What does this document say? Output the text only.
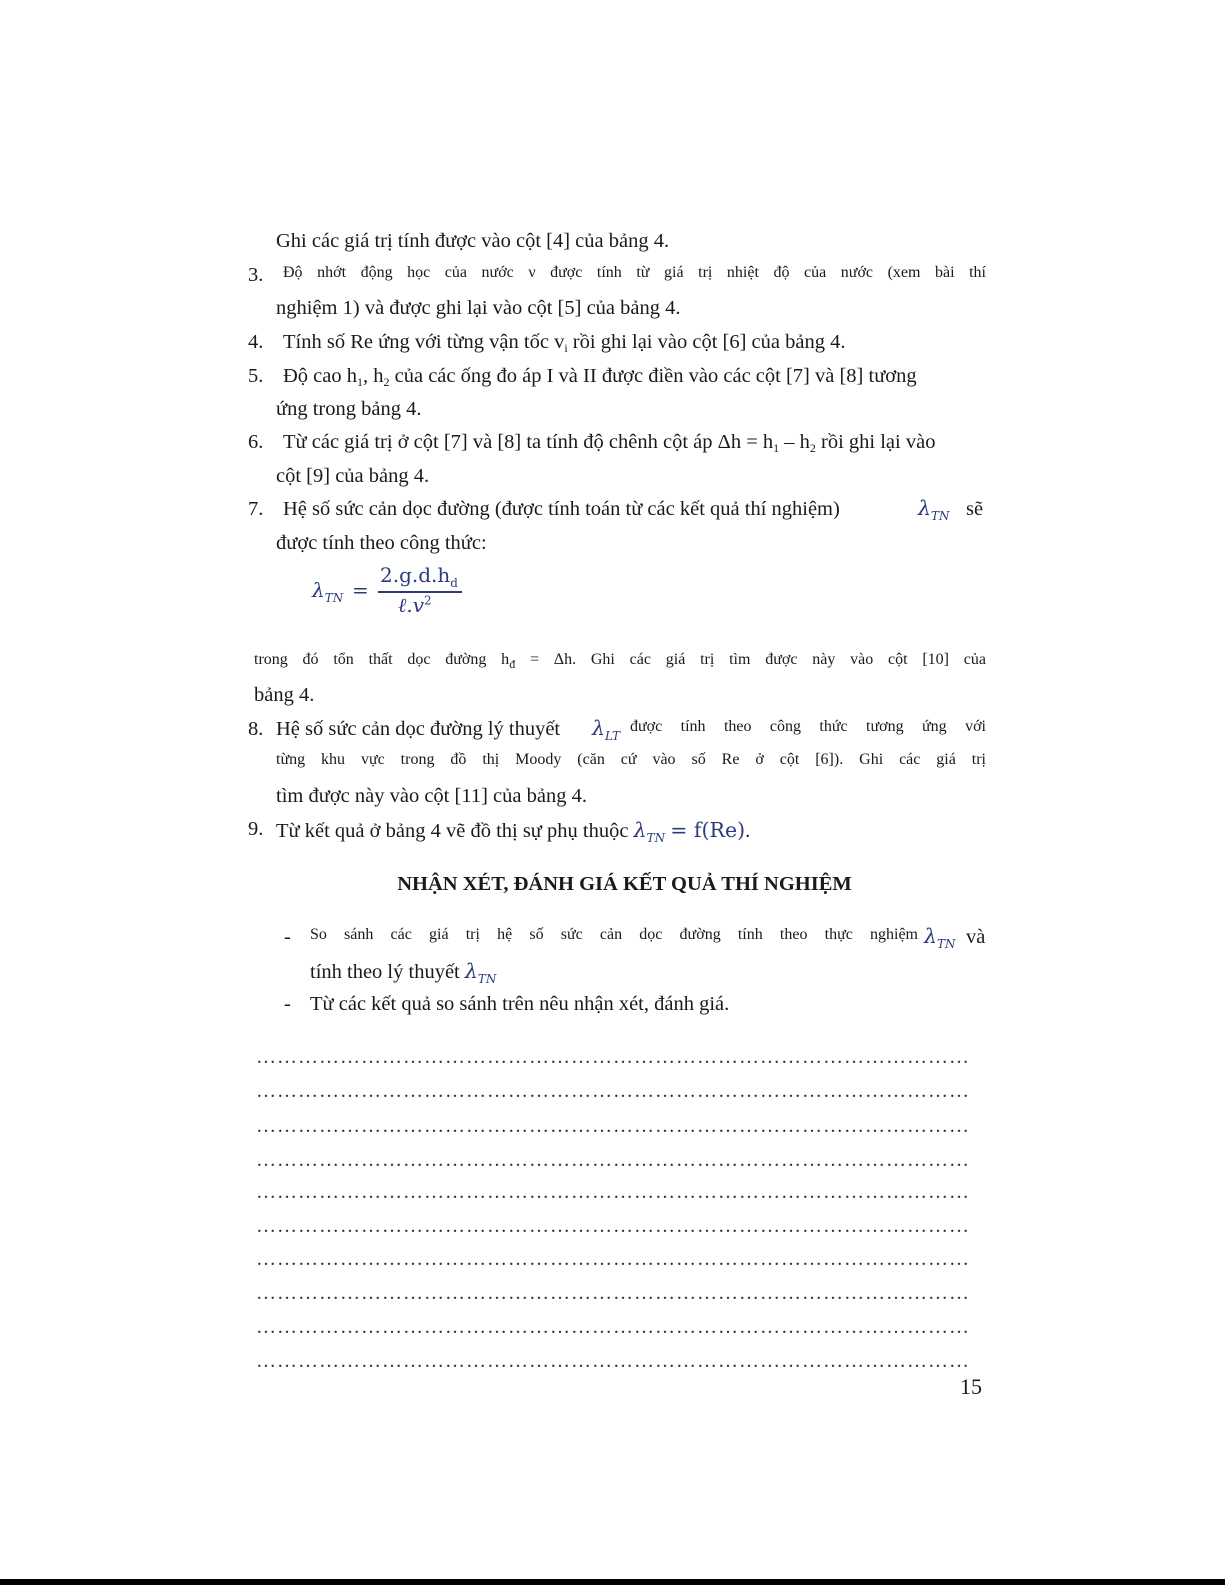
Ghi các giá trị tính được vào cột [4] của bảng 4.
3. Độ nhớt động học của nước ν được tính từ giá trị nhiệt độ của nước (xem bài thí
nghiệm 1) và được ghi lại vào cột [5] của bảng 4.
4. Tính số Re ứng với từng vận tốc vi rồi ghi lại vào cột [6] của bảng 4.
5. Độ cao h1, h2 của các ống đo áp I và II được điền vào các cột [7] và [8] tương
ứng trong bảng 4.
6. Từ các giá trị ở cột [7] và [8] ta tính độ chênh cột áp Δh = h1 – h2 rồi ghi lại vào
cột [9] của bảng 4.
7. Hệ số sức cản dọc đường (được tính toán từ các kết quả thí nghiệm)	$\lambda_{TN}$ sẽ
được tính theo công thức:
$\lambda_{TN}$ =
$2.g.d.h_d$
$\ell.v^2$
trong đó tổn thất dọc đường $h_đ = \Delta h$. Ghi các giá trị tìm được này vào cột [10] của
bảng 4.
8. Hệ số sức cản dọc đường lý thuyết $\lambda_{LT}$
được tính theo công thức tương ứng với
từng khu vực trong đồ thị Moody (căn cứ vào số Re ở cột [6]). Ghi các giá trị
tìm được này vào cột [11] của bảng 4.
9. Từ kết quả ở bảng 4 vẽ đồ thị sự phụ thuộc $\lambda_{TN} = f(Re)$.
NHẬN XÉT, ĐÁNH GIÁ KẾT QUẢ THÍ NGHIỆM
- So sánh các giá trị hệ số sức cản dọc đường tính theo thực nghiệm $\lambda_{TN}$ và
tính theo lý thuyết $\lambda_{TN}$
- Từ các kết quả so sánh trên nêu nhận xét, đánh giá.
…………………………………………………………………………………………
…………………………………………………………………………………………
…………………………………………………………………………………………
…………………………………………………………………………………………
…………………………………………………………………………………………
…………………………………………………………………………………………
…………………………………………………………………………………………
…………………………………………………………………………………………
…………………………………………………………………………………………
…………………………………………………………………………………………
15
